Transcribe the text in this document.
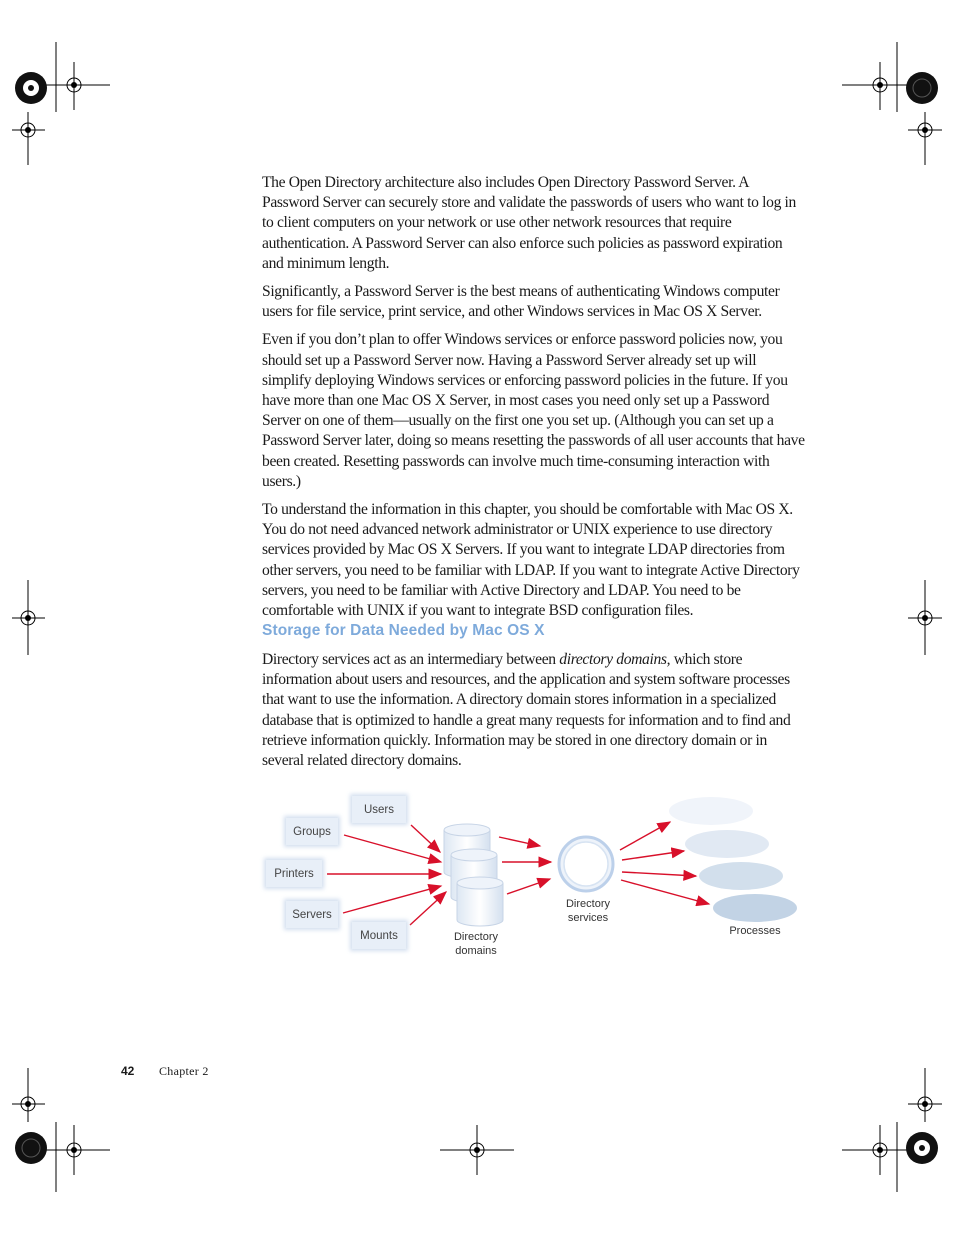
The Open Directory architecture also includes Open Directory Password Server. A Password Server can securely store and validate the passwords of users who want to log in to client computers on your network or use other network resources that require authentication. A Password Server can also enforce such policies as password expiration and minimum length.

Significantly, a Password Server is the best means of authenticating Windows computer users for file service, print service, and other Windows services in Mac OS X Server.

Even if you don’t plan to offer Windows services or enforce password policies now, you should set up a Password Server now. Having a Password Server already set up will simplify deploying Windows services or enforcing password policies in the future. If you have more than one Mac OS X Server, in most cases you need only set up a Password Server on one of them—usually on the first one you set up. (Although you can set up a Password Server later, doing so means resetting the passwords of all user accounts that have been created. Resetting passwords can involve much time-consuming interaction with users.)

To understand the information in this chapter, you should be comfortable with Mac OS X. You do not need advanced network administrator or UNIX experience to use directory services provided by Mac OS X Servers. If you want to integrate LDAP directories from other servers, you need to be familiar with LDAP. If you want to integrate Active Directory servers, you need to be familiar with Active Directory and LDAP. You need to be comfortable with UNIX if you want to integrate BSD configuration files.

Storage for Data Needed by Mac OS X

Directory services act as an intermediary between directory domains, which store information about users and resources, and the application and system software processes that want to use the information. A directory domain stores information in a specialized database that is optimized to handle a great many requests for information and to find and retrieve information quickly. Information may be stored in one directory domain or in several related directory domains.

Users
Groups
Printers
Servers
Mounts	Directory
domains
Directory
services
Processes
42 Chapter 2
